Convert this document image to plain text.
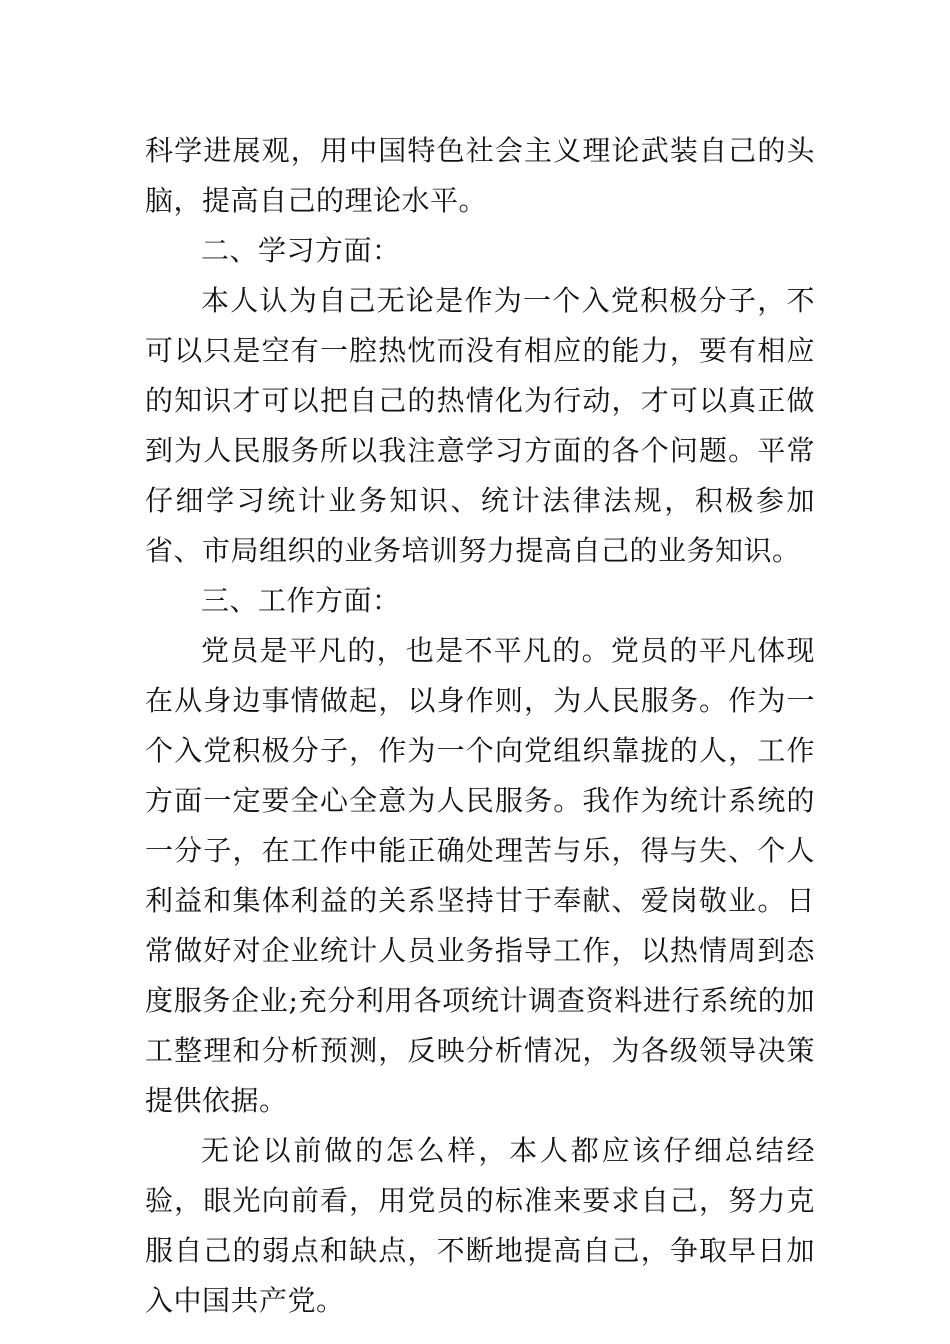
科学进展观，用中国特色社会主义理论武装自己的头脑，提高自己的理论水平。

二、学习方面：

本人认为自己无论是作为一个入党积极分子，不可以只是空有一腔热忱而没有相应的能力，要有相应的知识才可以把自己的热情化为行动，才可以真正做到为人民服务所以我注意学习方面的各个问题。平常仔细学习统计业务知识、统计法律法规，积极参加省、市局组织的业务培训努力提高自己的业务知识。

三、工作方面：

党员是平凡的，也是不平凡的。党员的平凡体现在从身边事情做起，以身作则，为人民服务。作为一个入党积极分子，作为一个向党组织靠拢的人，工作方面一定要全心全意为人民服务。我作为统计系统的一分子，在工作中能正确处理苦与乐，得与失、个人利益和集体利益的关系坚持甘于奉献、爱岗敬业。日常做好对企业统计人员业务指导工作，以热情周到态度服务企业;充分利用各项统计调查资料进行系统的加工整理和分析预测，反映分析情况，为各级领导决策提供依据。

无论以前做的怎么样，本人都应该仔细总结经验，眼光向前看，用党员的标准来要求自己，努力克服自己的弱点和缺点，不断地提高自己，争取早日加入中国共产党。
